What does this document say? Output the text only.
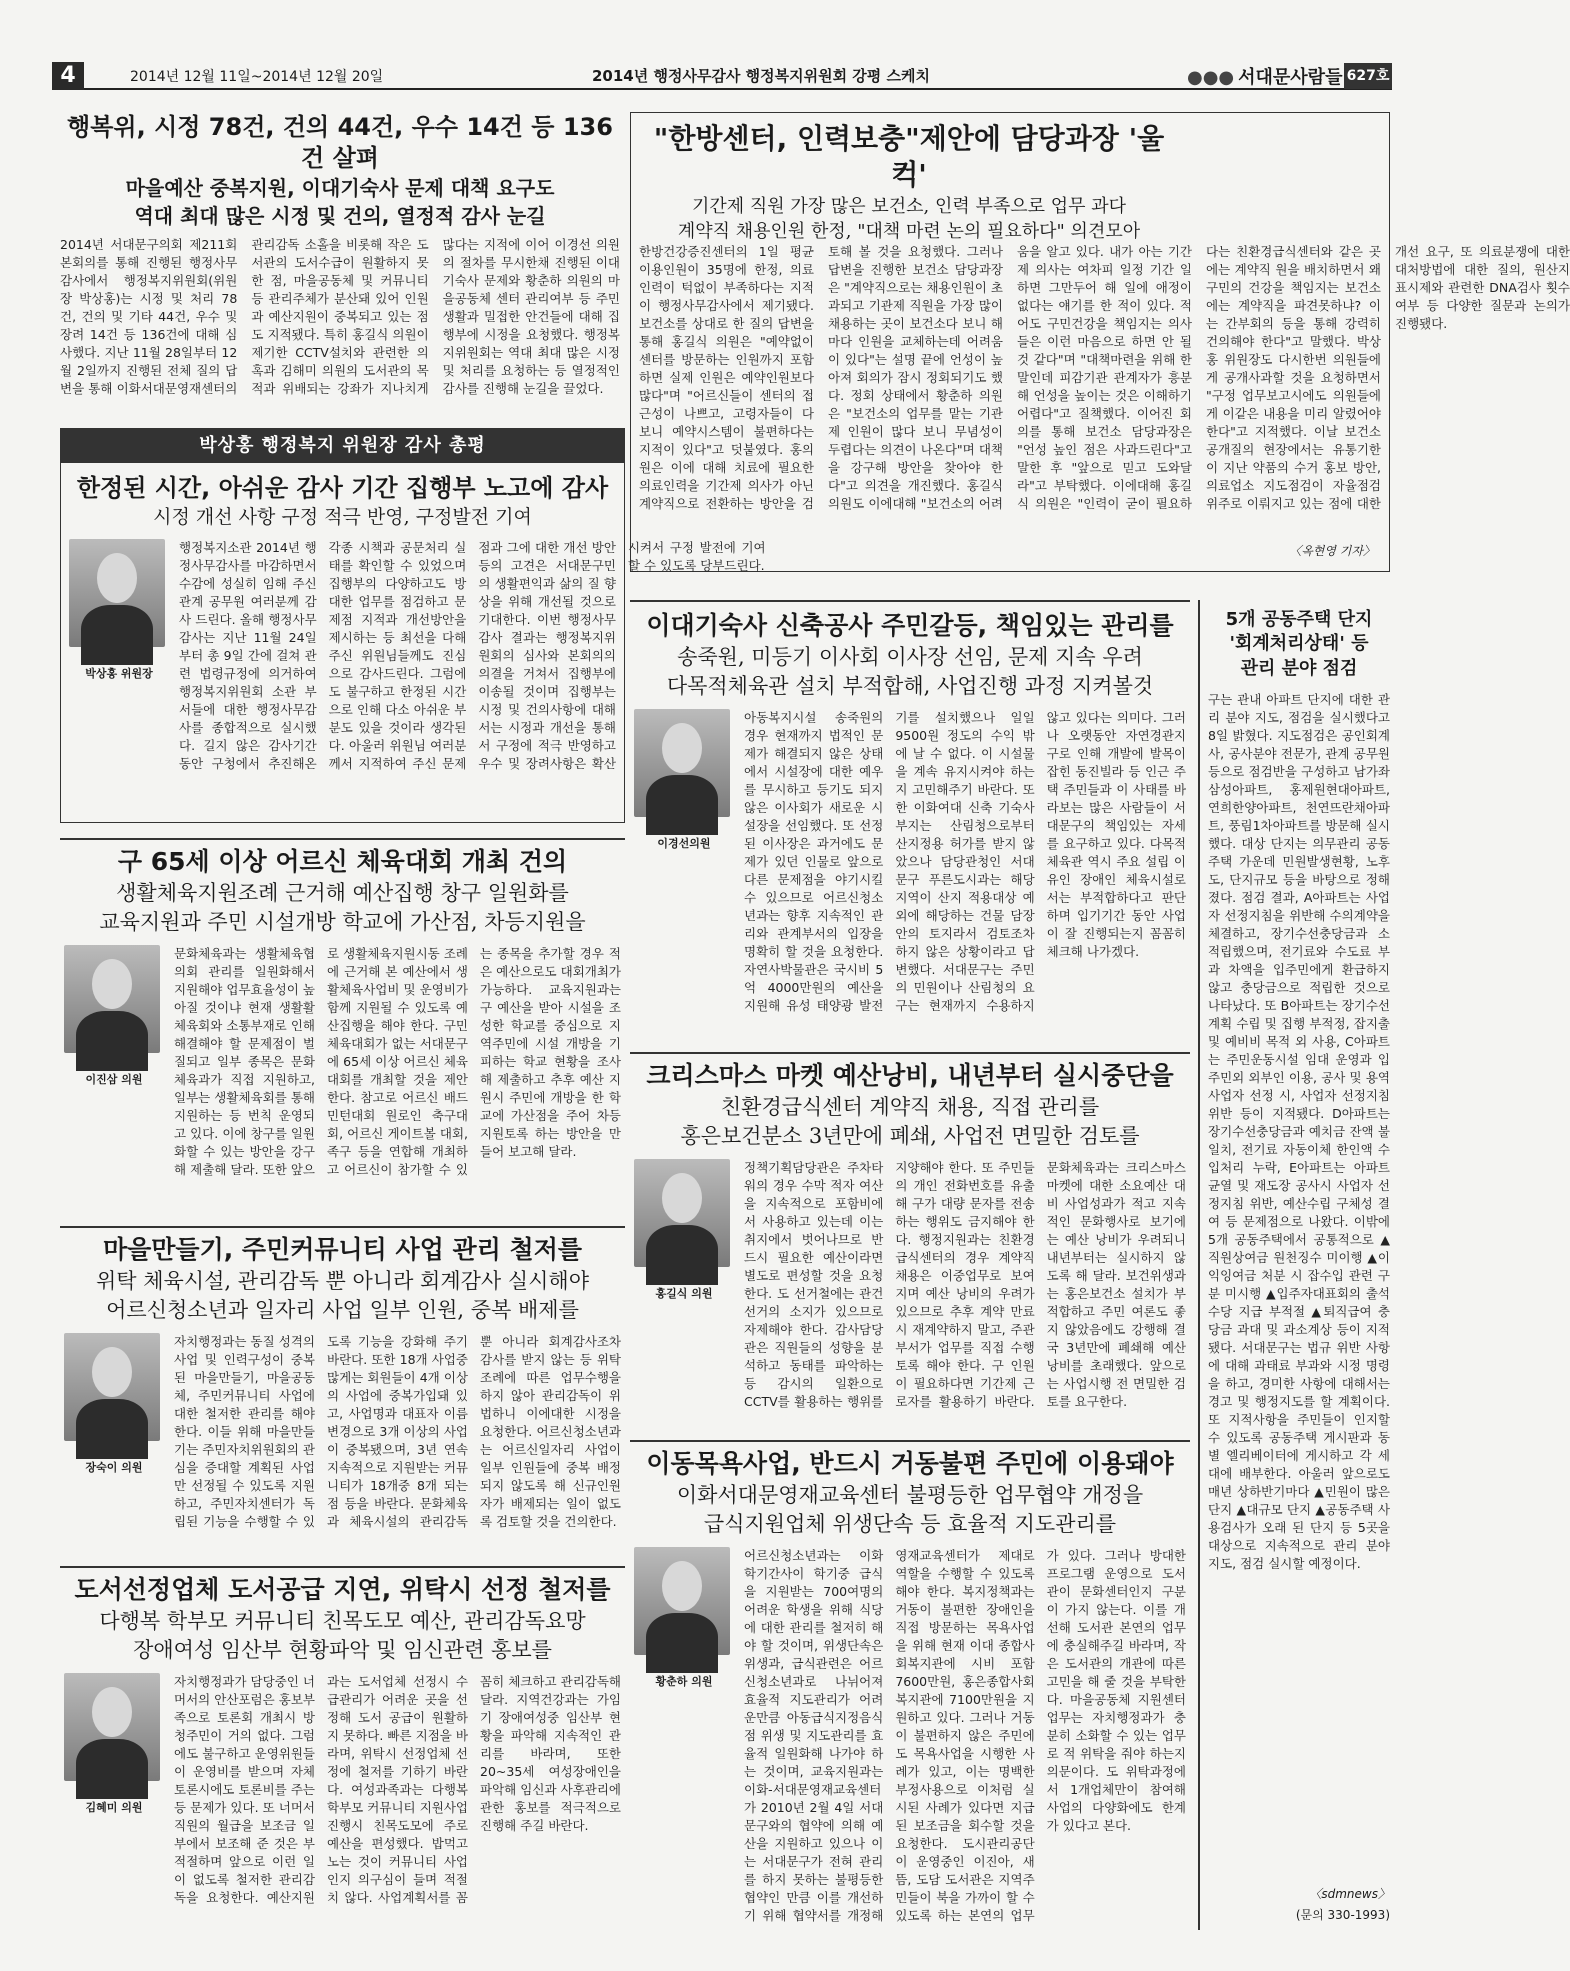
4	2014년 12월 11일~2014년 12월 20일	2014년 행정사무감사 행정복지위원회 강평 스케치	●●● 서대문사람들 627호
행복위, 시정 78건, 건의 44건, 우수 14건 등 136건 살펴
마을예산 중복지원, 이대기숙사 문제 대책 요구도
역대 최대 많은 시정 및 건의, 열정적 감사 눈길
2014년 서대문구의회 제211회 본회의를 통해 진행된 행정사무감사에서 행정복지위원회(위원장 박상홍)는 시정 및 처리 78건, 건의 및 기타 44건, 우수 및 장려 14건 등 136건에 대해 심사했다. 지난 11월 28일부터 12월 2일까지 진행된 전체 질의 답변을 통해 이화서대문영재센터의 관리감독 소홀을 비롯해 작은 도서관의 도서수급이 원활하지 못한 점, 마을공동체 및 커뮤니티 등 관리주체가 분산돼 있어 인원과 예산지원이 중복되고 있는 점도 지적됐다. 특히 홍길식 의원이 제기한 CCTV설치와 관련한 의혹과 김해미 의원의 도서관의 목적과 위배되는 강좌가 지나치게 많다는 지적에 이어 이경선 의원의 절차를 무시한채 진행된 이대기숙사 문제와 황춘하 의원의 마을공동체 센터 관리여부 등 주민생활과 밀접한 안건들에 대해 집행부에 시정을 요청했다. 행정복지위원회는 역대 최대 많은 시정 및 처리를 요청하는 등 열정적인 감사를 진행해 눈길을 끌었다.
"한방센터, 인력보충"제안에 담당과장 '울컥'
기간제 직원 가장 많은 보건소, 인력 부족으로 업무 과다
계약직 채용인원 한정, "대책 마련 논의 필요하다" 의견모아
한방건강증진센터의 1일 평균 이용인원이 35명에 한정, 의료인력이 턱없이 부족하다는 지적이 행정사무감사에서 제기됐다. 보건소를 상대로 한 질의 답변을 통해 홍길식 의원은 "예약없이 센터를 방문하는 인원까지 포함하면 실제 인원은 예약인원보다 많다"며 "어르신들이 센터의 접근성이 나쁘고, 고령자들이 다 보니 예약시스템이 불편하다는 지적이 있다"고 덧붙였다. 홍의원은 이에 대해 치료에 필요한 의료인력을 기간제 의사가 아닌 계약직으로 전환하는 방안을 검토해 볼 것을 요청했다. 그러나 답변을 진행한 보건소 담당과장은 "계약직으로는 채용인원이 초과되고 기관제 직원을 가장 많이 채용하는 곳이 보건소다 보니 해마다 인원을 교체하는데 어려움이 있다"는 설명 끝에 언성이 높아져 회의가 잠시 정회되기도 했다. 정회 상태에서 황춘하 의원은 "보건소의 업무를 맡는 기관제 인원이 많다 보니 무념성이 두렵다는 의견이 나온다"며 대책을 강구해 방안을 찾아야 한다"고 의견을 개진했다. 홍길식 의원도 이에대해 "보건소의 어려움을 알고 있다. 내가 아는 기간제 의사는 여차피 일정 기간 일하면 그만두어 해 일에 애정이 없다는 얘기를 한 적이 있다. 적어도 구민건강을 책임지는 의사들은 이런 마음으로 하면 안 될 것 같다"며 "대책마련을 위해 한말인데 피감기관 관계자가 흥분해 언성을 높이는 것은 이해하기 어렵다"고 질책했다. 이어진 회의를 통해 보건소 담당과장은 "언성 높인 점은 사과드린다"고 말한 후 "앞으로 믿고 도와달라"고 부탁했다. 이에대해 홍길식 의원은 "인력이 굳이 필요하다는 친환경급식센터와 같은 곳에는 계약직 원을 배치하면서 왜 구민의 건강을 책임지는 보건소에는 계약직을 파견못하냐? 이는 간부회의 등을 통해 강력히 건의해야 한다"고 말했다. 박상홍 위원장도 다시한번 의원들에게 공개사과할 것을 요청하면서 "구정 업무보고시에도 의원들에게 이같은 내용을 미리 알렸어야 한다"고 지적했다. 이날 보건소 공개질의 현장에서는 유통기한이 지난 약품의 수거 홍보 방안, 의료업소 지도점검이 자율점검 위주로 이뤄지고 있는 점에 대한 개선 요구, 또 의료분쟁에 대한 대처방법에 대한 질의, 원산지 표시제와 관련한 DNA검사 횟수 여부 등 다양한 질문과 논의가 진행됐다.
〈옥현영 기자〉
박상홍 행정복지 위원장 감사 총평
한정된 시간, 아쉬운 감사 기간 집행부 노고에 감사
시정 개선 사항 구정 적극 반영, 구정발전 기여
박상홍 위원장
행정복지소관 2014년 행정사무감사를 마감하면서 수감에 성실히 임해 주신 관계 공무원 여러분께 감사 드린다. 올해 행정사무감사는 지난 11월 24일부터 총 9일 간에 걸쳐 관련 법령규정에 의거하여 행정복지위원회 소관 부서들에 대한 행정사무감사를 종합적으로 실시했다. 길지 않은 감사기간 동안 구청에서 추진해온 각종 시책과 공문처리 실태를 확인할 수 있었으며 집행부의 다양하고도 방대한 업무를 점검하고 문제점 지적과 개선방안을 제시하는 등 최선을 다해주신 위원님들께도 진심으로 감사드린다. 그럼에도 불구하고 한정된 시간으로 인해 다소 아쉬운 부분도 있을 것이라 생각된다. 아울러 위원님 여러분께서 지적하여 주신 문제점과 그에 대한 개선 방안 등의 고견은 서대문구민의 생활편익과 삶의 질 향상을 위해 개선될 것으로 기대한다. 이번 행정사무감사 결과는 행정복지위원회의 심사와 본회의의 의결을 거쳐서 집행부에 이송될 것이며 집행부는 시정 및 건의사항에 대해서는 시정과 개선을 통해서 구정에 적극 반영하고 우수 및 장려사항은 확산시켜서 구정 발전에 기여할 수 있도록 당부드린다.
구 65세 이상 어르신 체육대회 개최 건의
생활체육지원조례 근거해 예산집행 창구 일원화를
교육지원과 주민 시설개방 학교에 가산점, 차등지원을
이진삼 의원
문화체육과는 생활체육협의회 관리를 일원화해서 지원해야 업무효율성이 높아질 것이냐 현재 생활활체육회와 소통부재로 인해 해결해야 할 문제점이 벌질되고 일부 종목은 문화체육과가 직접 지원하고, 일부는 생활체육회를 통해 지원하는 등 번칙 운영되고 있다. 이에 창구를 일원화할 수 있는 방안을 강구해 제출해 달라. 또한 앞으로 생활체육지원시동 조례에 근거해 본 예산에서 생활체육사업비 및 운영비가 함께 지원될 수 있도록 예산집행을 해야 한다. 구민체육대회가 없는 서대문구에 65세 이상 어르신 체육대회를 개최할 것을 제안한다. 참고로 어르신 배드민턴대회 원로인 축구대회, 어르신 게이트볼 대회, 족구 등을 연합해 개최하고 어르신이 참가할 수 있는 종목을 추가할 경우 적은 예산으로도 대회개최가 가능하다. 교육지원과는 구 예산을 받아 시설을 조성한 학교를 중심으로 지역주민에 시설 개방을 기피하는 학교 현황을 조사해 제출하고 추후 예산 지원시 주민에 개방을 한 학교에 가산점을 주어 차등지원토록 하는 방안을 만들어 보고해 달라.
마을만들기, 주민커뮤니티 사업 관리 철저를
위탁 체육시설, 관리감독 뿐 아니라 회계감사 실시해야
어르신청소년과 일자리 사업 일부 인원, 중복 배제를
장숙이 의원
자치행정과는 동질 성격의 사업 및 인력구성이 중복된 마을만들기, 마을공동체, 주민커뮤니티 사업에 대한 철저한 관리를 해야 한다. 이들 위해 마을만들기는 주민자치위원회의 관심을 증대할 계획된 사업만 선정될 수 있도록 지원하고, 주민자치센터가 독립된 기능을 수행할 수 있도록 기능을 강화해 주기 바란다. 또한 18개 사업중 많게는 회원들이 4개 이상의 사업에 중복가입돼 있고, 사업명과 대표자 이름변경으로 3개 이상의 사업이 중복됐으며, 3년 연속 지속적으로 지원받는 커뮤니티가 18개중 8개 되는 점 등을 바란다. 문화체육과 체육시설의 관리감독 뿐 아니라 회계감사조차 감사를 받지 않는 등 위탁 조례에 따른 업무수행을 하지 않아 관리감독이 위법하니 이에대한 시정을 요청한다. 어르신청소년과는 어르신일자리 사업이 일부 인원들에 중복 배정되지 않도록 해 신규인원자가 배제되는 일이 없도록 검토할 것을 건의한다.
도서선정업체 도서공급 지연, 위탁시 선정 철저를
다행복 학부모 커뮤니티 친목도모 예산, 관리감독요망
장애여성 임산부 현황파악 및 임신관련 홍보를
김혜미 의원
자치행정과가 담당중인 너머서의 안산포럼은 홍보부족으로 토론회 개최시 방청주민이 거의 없다. 그럼에도 불구하고 운영위원들이 운영비를 받으며 자체 토론시에도 토론비를 주는 등 문제가 있다. 또 너머서 직원의 월급을 보조금 일부에서 보조해 준 것은 부적절하며 앞으로 이런 일이 없도록 철저한 관리감독을 요청한다. 예산지원과는 도서업체 선정시 수급관리가 어려운 곳을 선정해 도서 공급이 원활하지 못하다. 빠른 지점을 바라며, 위탁시 선정업체 선정에 철저를 기하기 바란다. 여성과족과는 다행복 학부모 커뮤니티 지원사업 진행시 친목도모에 주로 예산을 편성했다. 밥먹고 노는 것이 커뮤니티 사업인지 의구심이 들며 적절치 않다. 사업계획서를 꼼꼼히 체크하고 관리감독해 달라. 지역건강과는 가임기 장애여성중 임산부 현황을 파악해 지속적인 관리를 바라며, 또한 20~35세 여성장애인을 파악해 임신과 사후관리에 관한 홍보를 적극적으로 진행해 주길 바란다.
이대기숙사 신축공사 주민갈등, 책임있는 관리를
송죽원, 미등기 이사회 이사장 선임, 문제 지속 우려
다목적체육관 설치 부적합해, 사업진행 과정 지켜볼것
이경선의원
아동복지시설 송죽원의 경우 현재까지 법적인 문제가 해결되지 않은 상태에서 시설장에 대한 예우를 무시하고 등기도 되지 않은 이사회가 새로운 시설장을 선임했다. 또 선정된 이사장은 과거에도 문제가 있던 인물로 앞으로 다른 문제점을 야기시킬 수 있으므로 어르신청소년과는 향후 지속적인 관리와 관계부서의 입장을 명확히 할 것을 요청한다. 자연사박물관은 국시비 5억 4000만원의 예산을 지원해 유성 태양광 발전기를 설치했으나 일일 9500원 정도의 수익 밖에 날 수 없다. 이 시설물을 계속 유지시켜야 하는지 고민해주기 바란다. 또한 이화여대 신축 기숙사부지는 산림청으로부터 산지정용 허가를 받지 않았으나 담당관청인 서대문구 푸른도시과는 해당지역이 산지 적용대상 예외에 해당하는 건물 담장안의 토지라서 검토조차 하지 않은 상황이라고 답변했다. 서대문구는 주민의 민원이나 산림청의 요구는 현재까지 수용하지 않고 있다는 의미다. 그러나 오랫동안 자연경관지구로 인해 개발에 발목이 잡힌 동진빌라 등 인근 주택 주민들과 이 사태를 바라보는 많은 사람들이 서대문구의 책임있는 자세를 요구하고 있다. 다목적 체육관 역시 주요 설립 이유인 장애인 체육시설로서는 부적합하다고 판단하며 입기기간 동안 사업이 잘 진행되는지 꼼꼼히 체크해 나가겠다.
크리스마스 마켓 예산낭비, 내년부터 실시중단을
친환경급식센터 계약직 채용, 직접 관리를
홍은보건분소 3년만에 폐쇄, 사업전 면밀한 검토를
홍길식 의원
정책기획담당관은 주차타워의 경우 수막 적자 여산을 지속적으로 포함비에서 사용하고 있는데 이는 취지에서 벗어나므로 반드시 필요한 예산이라면 별도로 편성할 것을 요청한다. 도 선거철에는 관건선거의 소지가 있으므로 자제해야 한다. 감사담당관은 직원들의 성향을 분석하고 동태를 파악하는 등 감시의 일환으로 CCTV를 활용하는 행위를 지양해야 한다. 또 주민들의 개인 전화번호를 유출해 구가 대량 문자를 전송하는 행위도 금지해야 한다. 행정지원과는 친환경 급식센터의 경우 계약직 채용은 이중업무로 보여지며 예산 낭비의 우려가 있으므로 추후 계약 만료시 재계약하지 말고, 주관 부서가 업무를 직접 수행토록 해야 한다. 구 인원이 필요하다면 기간제 근로자를 활용하기 바란다. 문화체육과는 크리스마스 마켓에 대한 소요예산 대비 사업성과가 적고 지속적인 문화행사로 보기에는 예산 낭비가 우려되니 내년부터는 실시하지 않도록 해 달라. 보건위생과는 홍은보건소 설치가 부적합하고 주민 여론도 좋지 않았음에도 강행해 결국 3년만에 폐쇄해 예산낭비를 초래했다. 앞으로는 사업시행 전 면밀한 검토를 요구한다.
이동목욕사업, 반드시 거동불편 주민에 이용돼야
이화서대문영재교육센터 불평등한 업무협약 개정을
급식지원업체 위생단속 등 효율적 지도관리를
황춘하 의원
어르신청소년과는 이화 학기간사이 학기중 급식을 지원받는 700여명의 어려운 학생을 위해 식당에 대한 관리를 철저히 해야 할 것이며, 위생단속은 위생과, 급식관련은 어르신청소년과로 나뉘어져 효율적 지도관리가 어려운만큼 아동급식지정음식점 위생 및 지도관리를 효율적 일원화해 나가야 하는 것이며, 교육지원과는 이화-서대문영재교육센터가 2010년 2월 4일 서대문구와의 협약에 의해 예산을 지원하고 있으나 이는 서대문구가 전혀 관리를 하지 못하는 불평등한 협약인 만큼 이를 개선하기 위해 협약서를 개정해 영재교육센터가 제대로 역할을 수행할 수 있도록 해야 한다. 복지정책과는 거동이 불편한 장애인을 직접 방문하는 목욕사업을 위해 현재 이대 종합사회복지관에 시비 포함 7600만원, 홍은종합사회복지관에 7100만원을 지원하고 있다. 그러나 거동이 불편하지 않은 주민에도 목욕사업을 시행한 사례가 있고, 이는 명백한 부정사용으로 이처럼 실시된 사례가 있다면 지급된 보조금을 회수할 것을 요청한다. 도시관리공단이 운영중인 이진아, 새뜸, 도담 도서관은 지역주민들이 북을 가까이 할 수 있도록 하는 본연의 업무가 있다. 그러나 방대한 프로그램 운영으로 도서관이 문화센터인지 구분이 가지 않는다. 이를 개선해 도서관 본연의 업무에 충실해주길 바라며, 작은 도서관의 개관에 따른 고민을 해 줄 것을 부탁한다. 마을공동체 지원센터 업무는 자치행정과가 충분히 소화할 수 있는 업무로 적 위탁을 줘야 하는지 의문이다. 도 위탁과정에서 1개업체만이 참여해 사업의 다양화에도 한계가 있다고 본다.
5개 공동주택 단지
'회계처리상태' 등
관리 분야 점검
구는 관내 아파트 단지에 대한 관리 분야 지도, 점검을 실시했다고 8일 밝혔다. 지도점검은 공인회계사, 공사분야 전문가, 관계 공무원 등으로 점검반을 구성하고 남가좌삼성아파트, 홍제원현대아파트, 연희한양아파트, 천연뜨란채아파트, 풍림1차아파트를 방문해 실시했다. 대상 단지는 의무관리 공동주택 가운데 민원발생현황, 노후도, 단지규모 등을 바탕으로 정해졌다. 점검 결과, A아파트는 사업자 선정지침을 위반해 수의계약을 체결하고, 장기수선충당금과 소 적립했으며, 전기료와 수도료 부과 차액을 입주민에게 환급하지 않고 충당금으로 적립한 것으로 나타났다. 또 B아파트는 장기수선계획 수립 및 집행 부적정, 잡지출 및 예비비 목적 외 사용, C아파트는 주민운동시설 임대 운영과 입주민외 외부인 이용, 공사 및 용역 사업자 선정 시, 사업자 선정지침 위반 등이 지적됐다. D아파트는 장기수선충당금과 예치금 잔액 불일치, 전기료 자동이체 한인액 수입처리 누락, E아파트는 아파트 균열 및 재도장 공사시 사업자 선정지침 위반, 예산수립 구체성 결여 등 문제점으로 나왔다. 이밖에 5개 공동주택에서 공통적으로 ▲직원상여금 원천징수 미이행 ▲이익잉여금 처분 시 잡수입 관련 구분 미시행 ▲입주자대표회의 출석수당 지급 부적절 ▲퇴직급여 충당금 과대 및 과소계상 등이 지적됐다. 서대문구는 법규 위반 사항에 대해 과태료 부과와 시정 명령을 하고, 경미한 사항에 대해서는 경고 및 행정지도를 할 계획이다. 또 지적사항을 주민들이 인지할 수 있도록 공동주택 게시판과 동별 엘리베이터에 게시하고 각 세대에 배부한다. 아울러 앞으로도 매년 상하반기마다 ▲민원이 많은 단지 ▲대규모 단지 ▲공동주택 사용검사가 오래 된 단지 등 5곳을 대상으로 지속적으로 관리 분야 지도, 점검 실시할 예정이다.
〈sdmnews〉
(문의 330-1993)
